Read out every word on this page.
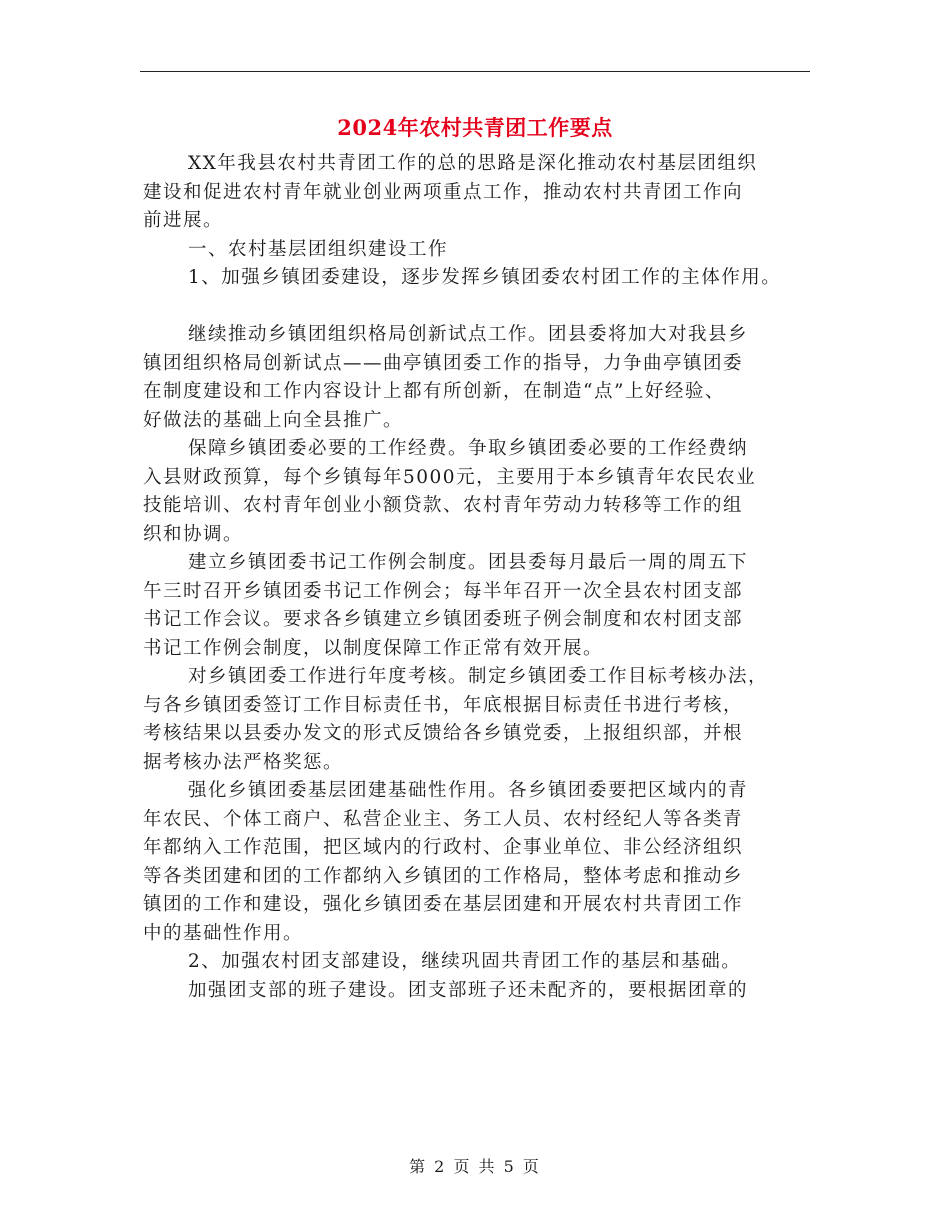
2024年农村共青团工作要点
XX年我县农村共青团工作的总的思路是深化推动农村基层团组织
建设和促进农村青年就业创业两项重点工作，推动农村共青团工作向
前进展。
一、农村基层团组织建设工作
1、加强乡镇团委建设，逐步发挥乡镇团委农村团工作的主体作用。
继续推动乡镇团组织格局创新试点工作。团县委将加大对我县乡
镇团组织格局创新试点——曲亭镇团委工作的指导，力争曲亭镇团委
在制度建设和工作内容设计上都有所创新，在制造“点”上好经验、
好做法的基础上向全县推广。
保障乡镇团委必要的工作经费。争取乡镇团委必要的工作经费纳
入县财政预算，每个乡镇每年5000元，主要用于本乡镇青年农民农业
技能培训、农村青年创业小额贷款、农村青年劳动力转移等工作的组
织和协调。
建立乡镇团委书记工作例会制度。团县委每月最后一周的周五下
午三时召开乡镇团委书记工作例会；每半年召开一次全县农村团支部
书记工作会议。要求各乡镇建立乡镇团委班子例会制度和农村团支部
书记工作例会制度，以制度保障工作正常有效开展。
对乡镇团委工作进行年度考核。制定乡镇团委工作目标考核办法，
与各乡镇团委签订工作目标责任书，年底根据目标责任书进行考核，
考核结果以县委办发文的形式反馈给各乡镇党委，上报组织部，并根
据考核办法严格奖惩。
强化乡镇团委基层团建基础性作用。各乡镇团委要把区域内的青
年农民、个体工商户、私营企业主、务工人员、农村经纪人等各类青
年都纳入工作范围，把区域内的行政村、企事业单位、非公经济组织
等各类团建和团的工作都纳入乡镇团的工作格局，整体考虑和推动乡
镇团的工作和建设，强化乡镇团委在基层团建和开展农村共青团工作
中的基础性作用。
2、加强农村团支部建设，继续巩固共青团工作的基层和基础。
加强团支部的班子建设。团支部班子还未配齐的，要根据团章的
第 2 页 共 5 页
